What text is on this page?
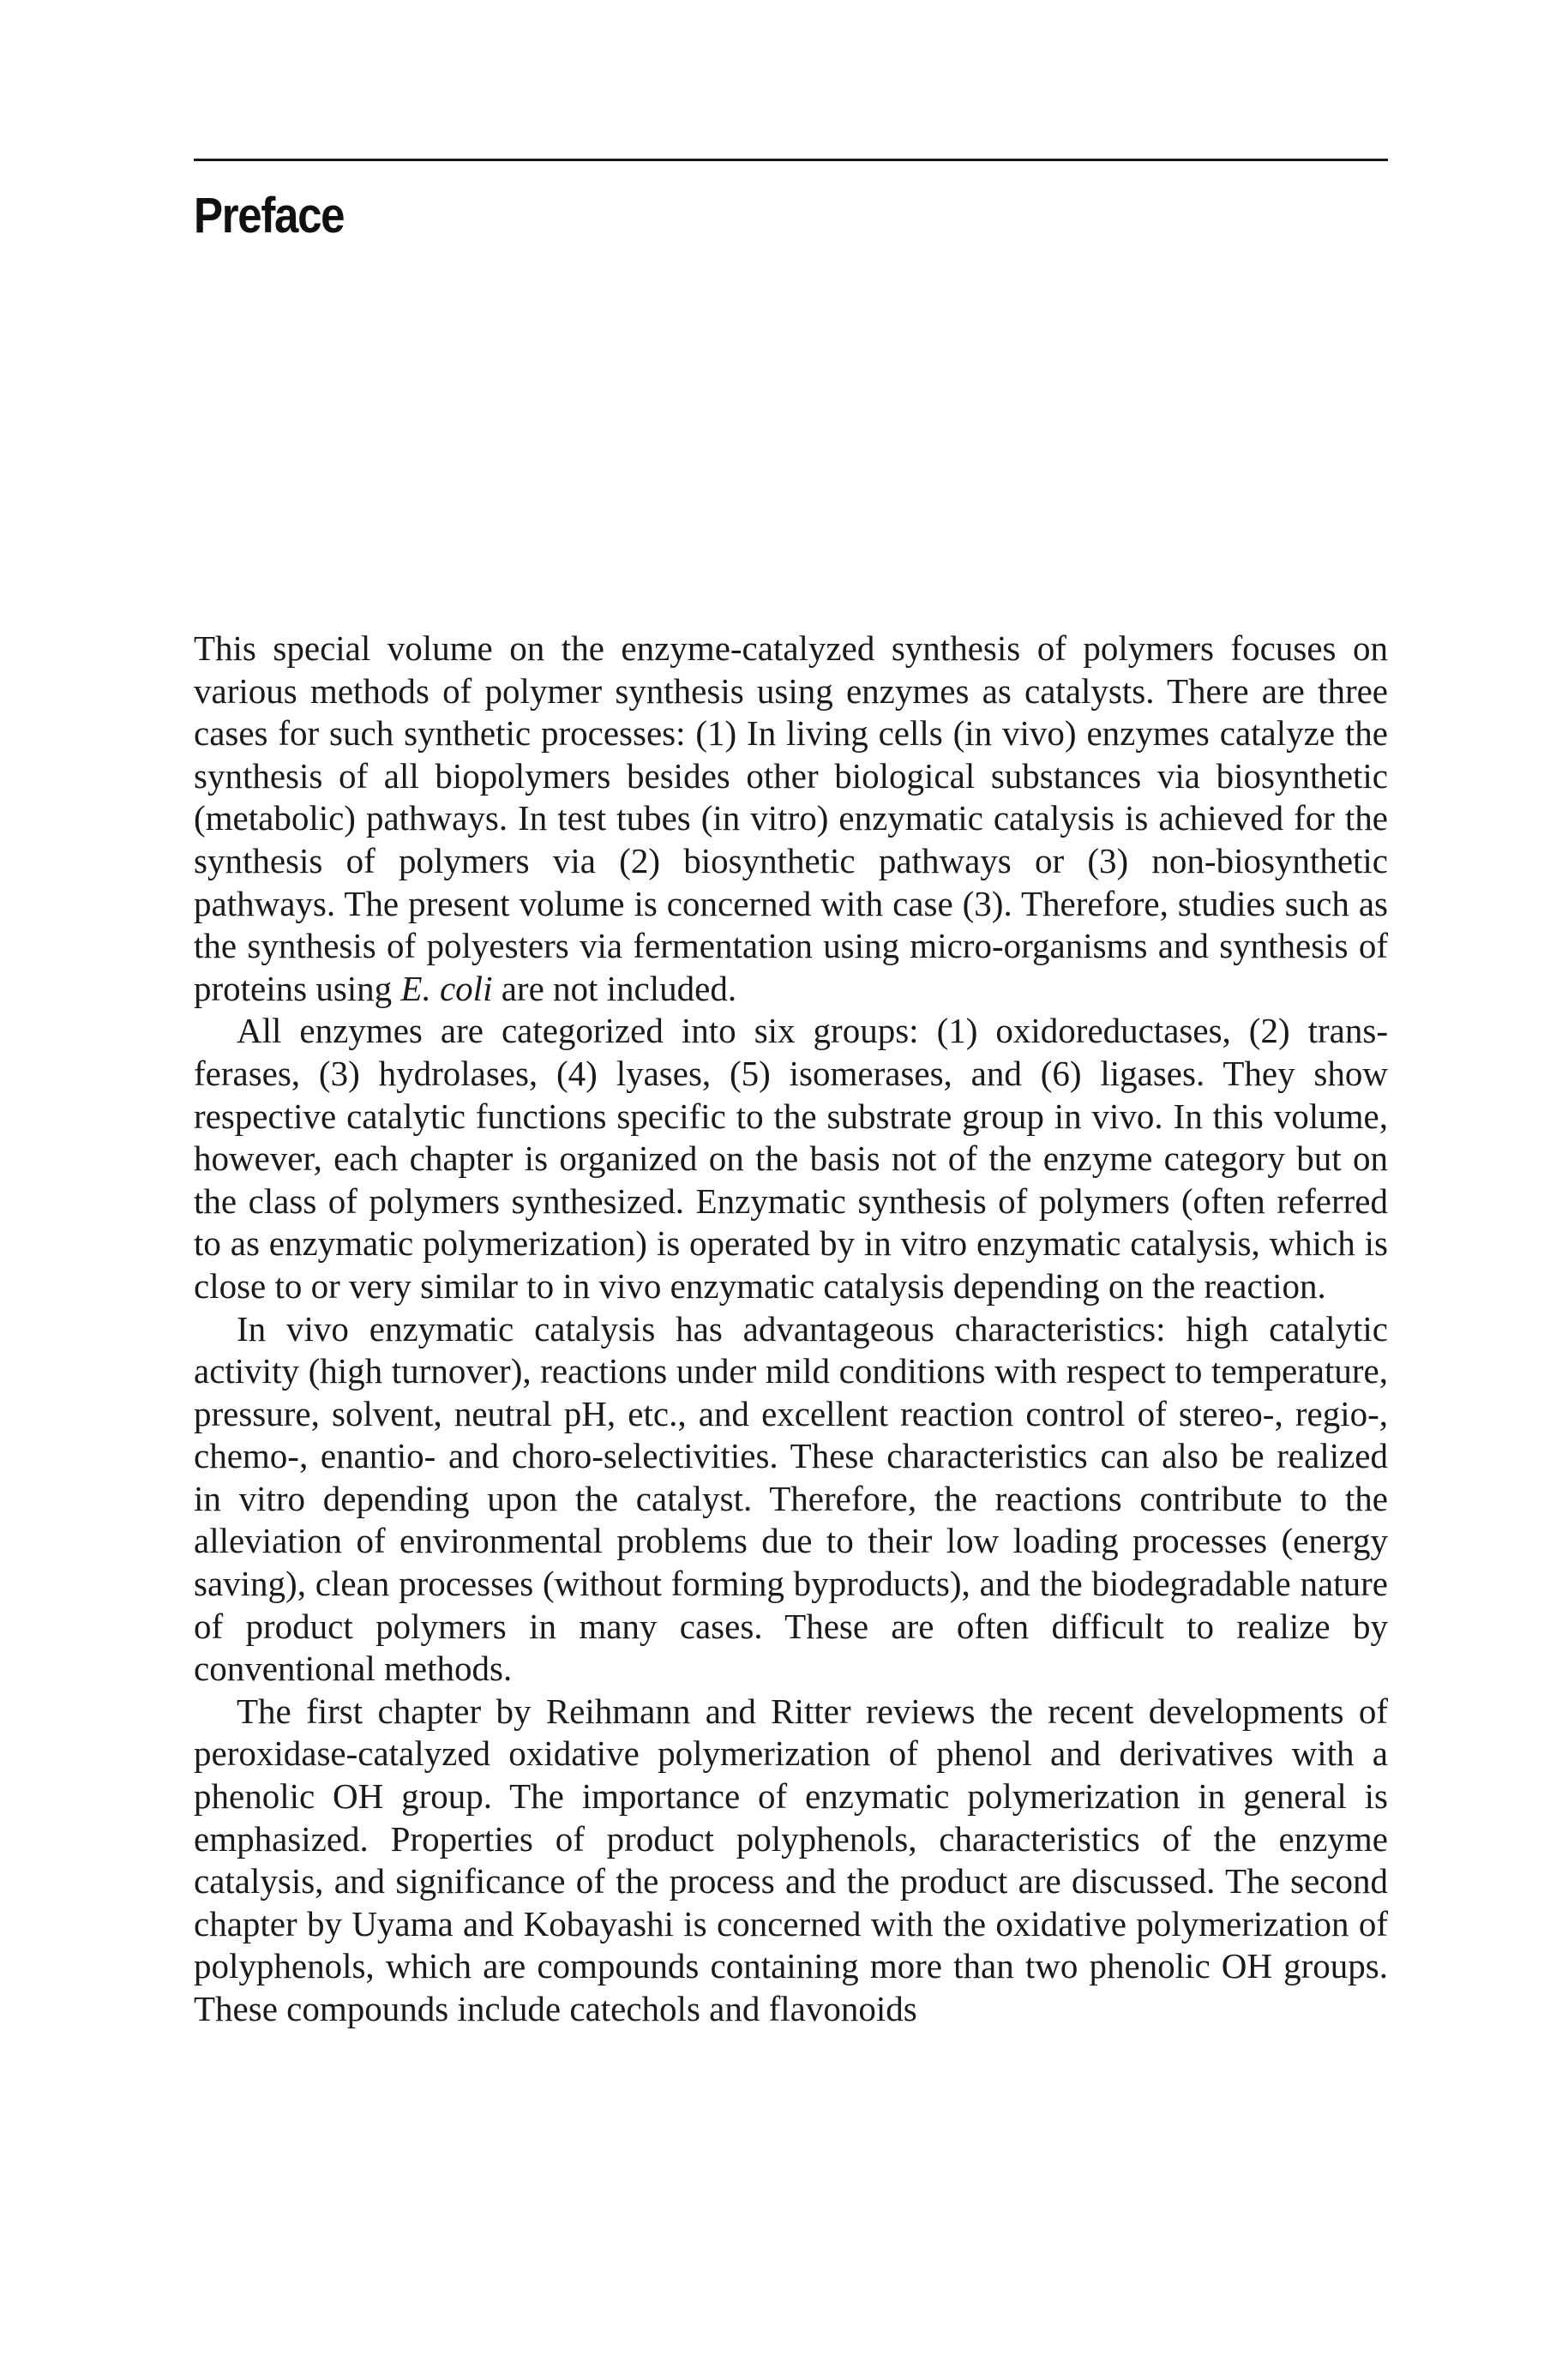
Preface

This special volume on the enzyme-catalyzed synthesis of polymers focuses on various methods of polymer synthesis using enzymes as catalysts. There are three cases for such synthetic processes: (1) In living cells (in vivo) enzymes catalyze the synthesis of all biopolymers besides other biological substances via biosynthetic (metabolic) pathways. In test tubes (in vitro) enzymatic catalysis is achieved for the synthesis of polymers via (2) biosynthetic pathways or (3) non-biosynthetic pathways. The present volume is concerned with case (3). Therefore, studies such as the synthesis of polyesters via fermentation using micro-organisms and synthesis of proteins using E. coli are not included.

All enzymes are categorized into six groups: (1) oxidoreductases, (2) transferases, (3) hydrolases, (4) lyases, (5) isomerases, and (6) ligases. They show respective catalytic functions specific to the substrate group in vivo. In this volume, however, each chapter is organized on the basis not of the enzyme category but on the class of polymers synthesized. Enzymatic synthesis of polymers (often referred to as enzymatic polymerization) is operated by in vitro enzymatic catalysis, which is close to or very similar to in vivo enzymatic catalysis depending on the reaction.

In vivo enzymatic catalysis has advantageous characteristics: high catalytic activity (high turnover), reactions under mild conditions with respect to temperature, pressure, solvent, neutral pH, etc., and excellent reaction control of stereo-, regio-, chemo-, enantio- and choro-selectivities. These characteristics can also be realized in vitro depending upon the catalyst. Therefore, the reactions contribute to the alleviation of environmental problems due to their low loading processes (energy saving), clean processes (without forming byproducts), and the biodegradable nature of product polymers in many cases. These are often difficult to realize by conventional methods.

The first chapter by Reihmann and Ritter reviews the recent developments of peroxidase-catalyzed oxidative polymerization of phenol and derivatives with a phenolic OH group. The importance of enzymatic polymerization in general is emphasized. Properties of product polyphenols, characteristics of the enzyme catalysis, and significance of the process and the product are discussed. The second chapter by Uyama and Kobayashi is concerned with the oxidative polymerization of polyphenols, which are compounds containing more than two phenolic OH groups. These compounds include catechols and flavonoids
